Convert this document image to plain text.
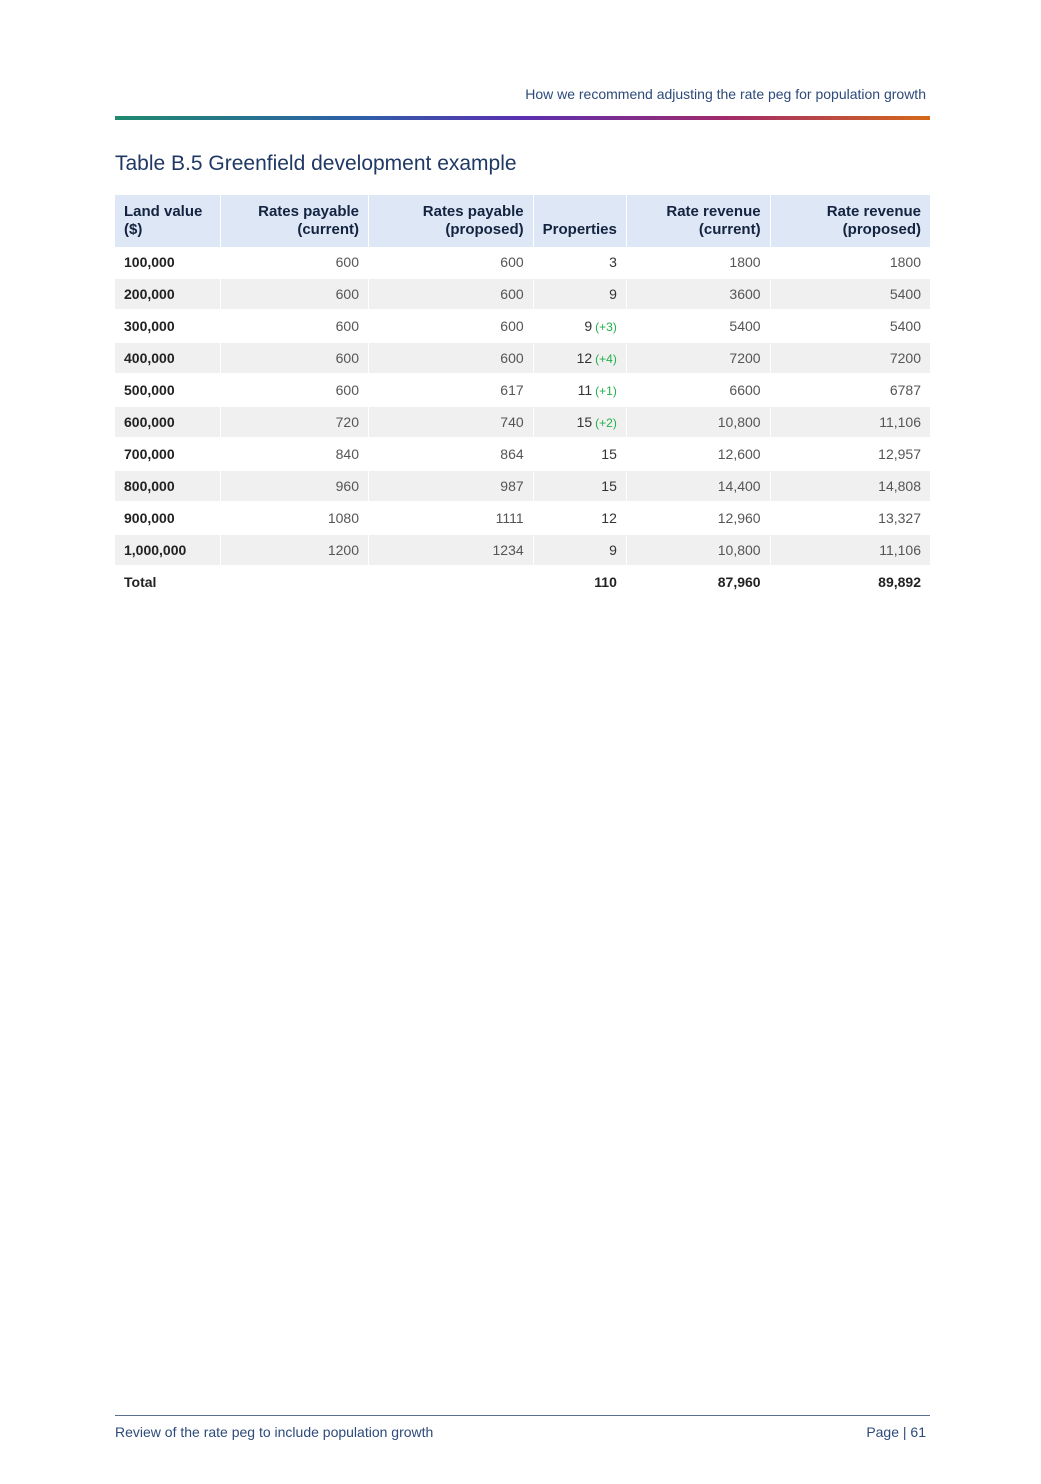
How we recommend adjusting the rate peg for population growth
Table B.5 Greenfield development example
Land value ($)	Rates payable (current)	Rates payable (proposed)	Properties	Rate revenue (current)	Rate revenue (proposed)
100,000	600	600	3	1800	1800
200,000	600	600	9	3600	5400
300,000	600	600	9 (+3)	5400	5400
400,000	600	600	12 (+4)	7200	7200
500,000	600	617	11 (+1)	6600	6787
600,000	720	740	15 (+2)	10,800	11,106
700,000	840	864	15	12,600	12,957
800,000	960	987	15	14,400	14,808
900,000	1080	1111	12	12,960	13,327
1,000,000	1200	1234	9	10,800	11,106
Total			110	87,960	89,892
Review of the rate peg to include population growth	Page | 61
